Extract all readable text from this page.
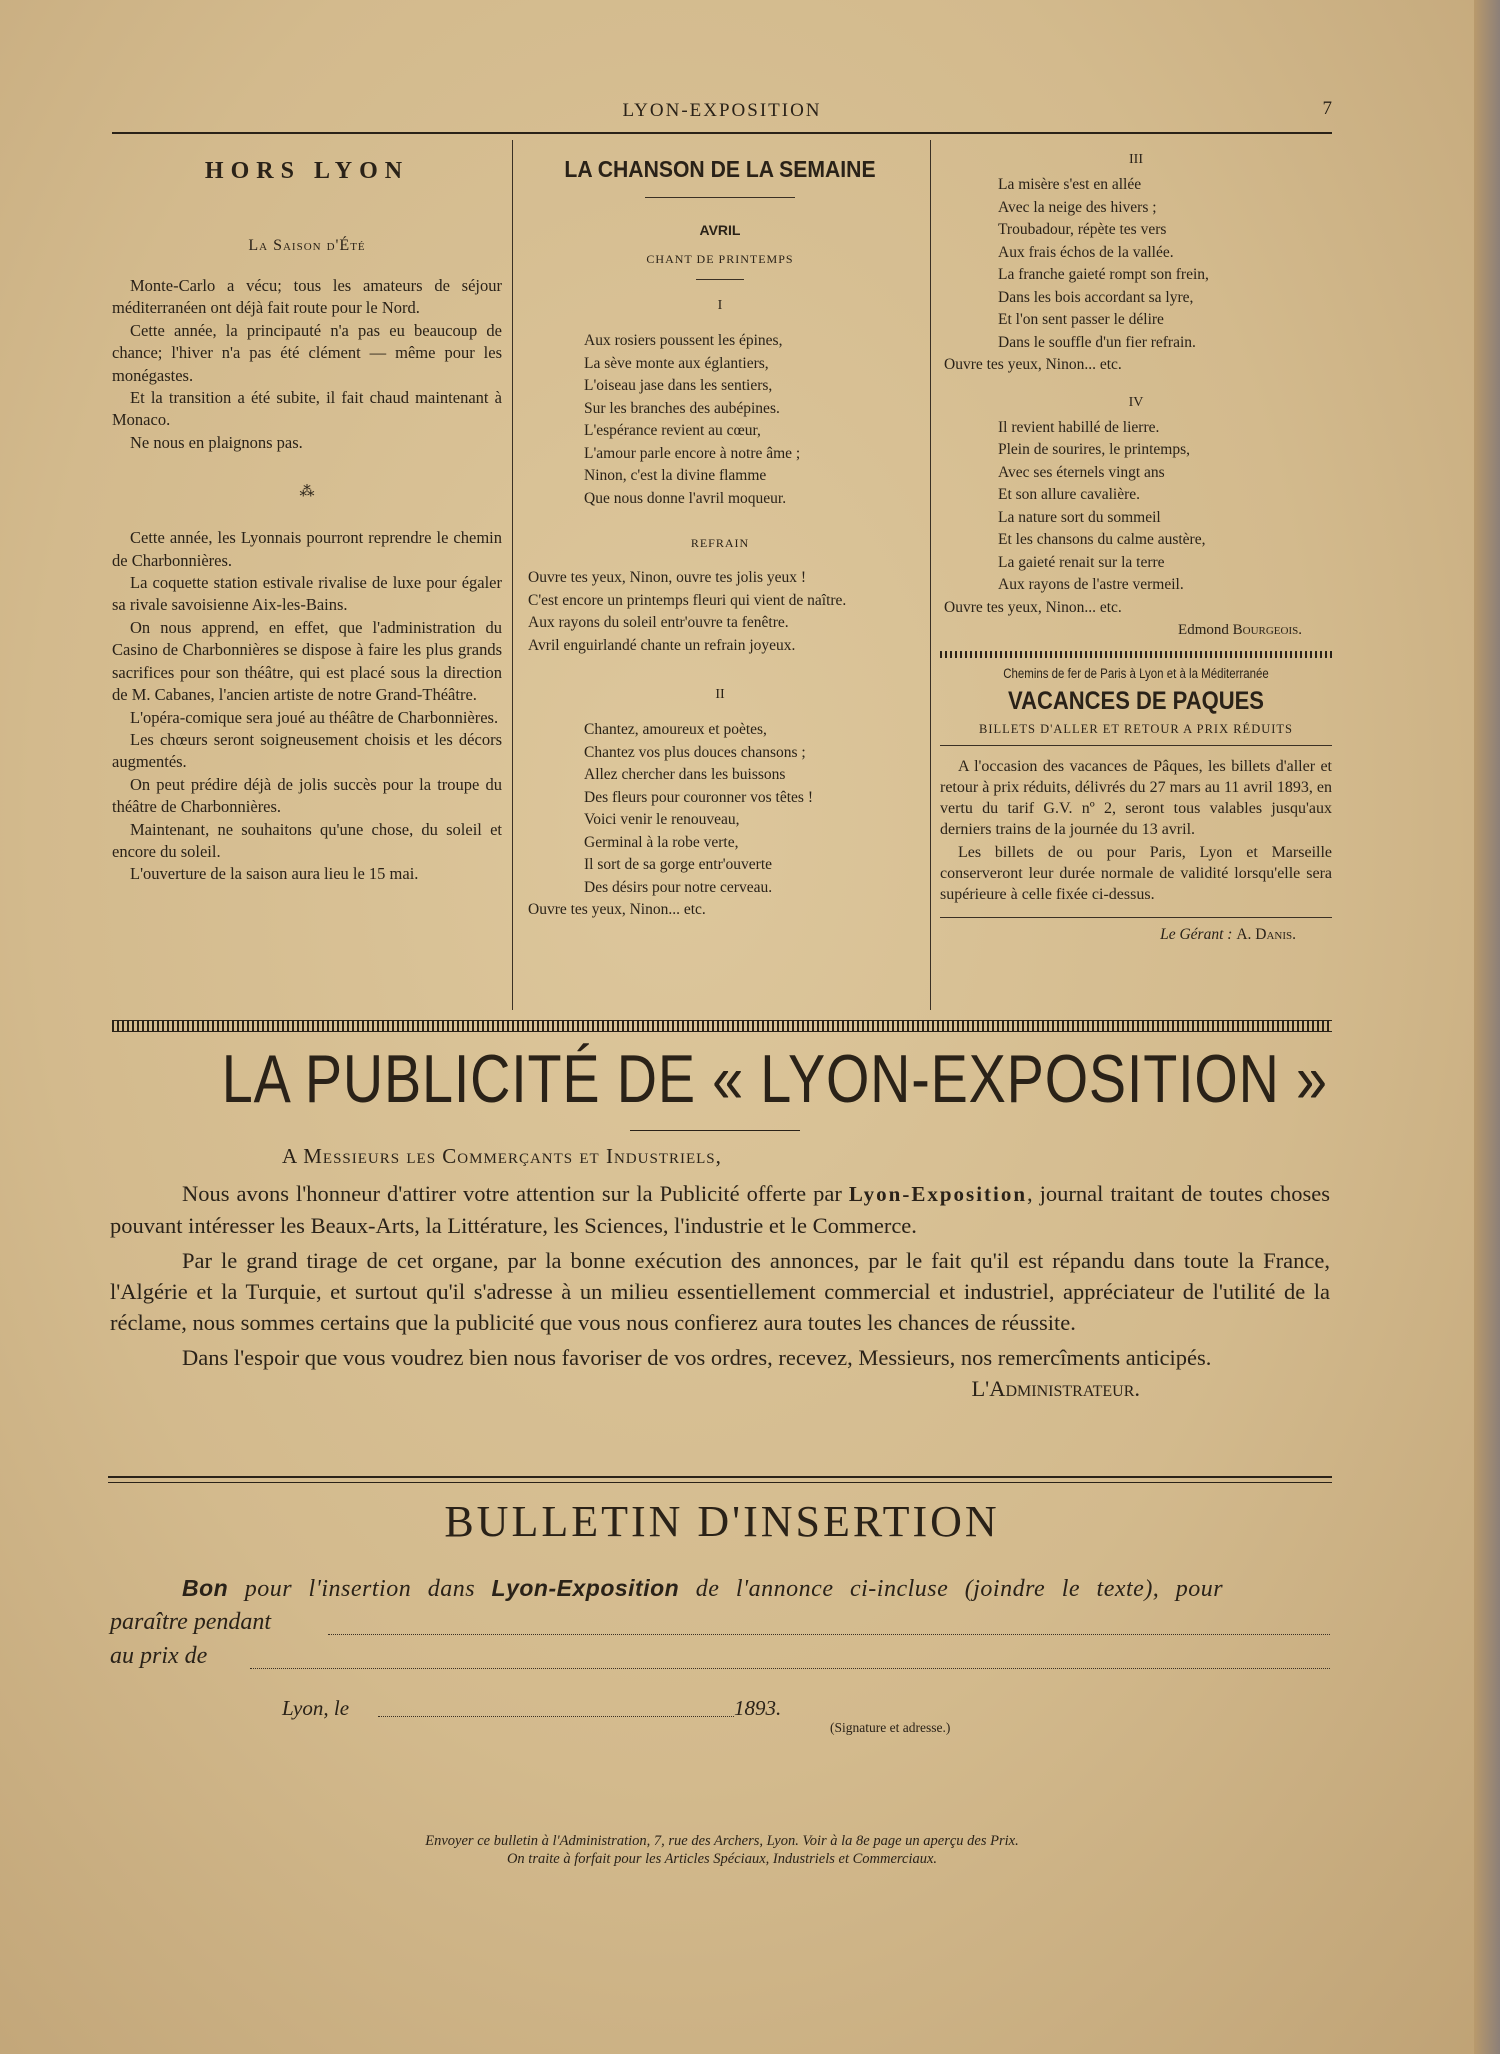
LYON-EXPOSITION	7
HORS LYON
La Saison d'Été

Monte-Carlo a vécu; tous les amateurs de séjour méditerranéen ont déjà fait route pour le Nord.

Cette année, la principauté n'a pas eu beaucoup de chance; l'hiver n'a pas été clément — même pour les monégastes.

Et la transition a été subite, il fait chaud maintenant à Monaco.

Ne nous en plaignons pas.

⁂

Cette année, les Lyonnais pourront reprendre le chemin de Charbonnières.

La coquette station estivale rivalise de luxe pour égaler sa rivale savoisienne Aix-les-Bains.

On nous apprend, en effet, que l'administration du Casino de Charbonnières se dispose à faire les plus grands sacrifices pour son théâtre, qui est placé sous la direction de M. Cabanes, l'ancien artiste de notre Grand-Théâtre.

L'opéra-comique sera joué au théâtre de Charbonnières.

Les chœurs seront soigneusement choisis et les décors augmentés.

On peut prédire déjà de jolis succès pour la troupe du théâtre de Charbonnières.

Maintenant, ne souhaitons qu'une chose, du soleil et encore du soleil.

L'ouverture de la saison aura lieu le 15 mai.

LA CHANSON DE LA SEMAINE
AVRIL
CHANT DE PRINTEMPS
I
Aux rosiers poussent les épines,
La sève monte aux églantiers,
L'oiseau jase dans les sentiers,
Sur les branches des aubépines.
L'espérance revient au cœur,
L'amour parle encore à notre âme ;
Ninon, c'est la divine flamme
Que nous donne l'avril moqueur.
REFRAIN
Ouvre tes yeux, Ninon, ouvre tes jolis yeux !
C'est encore un printemps fleuri qui vient de naître.
Aux rayons du soleil entr'ouvre ta fenêtre.
Avril enguirlandé chante un refrain joyeux.
II
Chantez, amoureux et poètes,
Chantez vos plus douces chansons ;
Allez chercher dans les buissons
Des fleurs pour couronner vos têtes !
Voici venir le renouveau,
Germinal à la robe verte,
Il sort de sa gorge entr'ouverte
Des désirs pour notre cerveau.
Ouvre tes yeux, Ninon... etc.
III
La misère s'est en allée
Avec la neige des hivers ;
Troubadour, répète tes vers
Aux frais échos de la vallée.
La franche gaieté rompt son frein,
Dans les bois accordant sa lyre,
Et l'on sent passer le délire
Dans le souffle d'un fier refrain.
Ouvre tes yeux, Ninon... etc.
IV
Il revient habillé de lierre.
Plein de sourires, le printemps,
Avec ses éternels vingt ans
Et son allure cavalière.
La nature sort du sommeil
Et les chansons du calme austère,
La gaieté renait sur la terre
Aux rayons de l'astre vermeil.
Ouvre tes yeux, Ninon... etc.
Edmond Bourgeois.
Chemins de fer de Paris à Lyon et à la Méditerranée
VACANCES DE PAQUES
BILLETS D'ALLER ET RETOUR A PRIX RÉDUITS

A l'occasion des vacances de Pâques, les billets d'aller et retour à prix réduits, délivrés du 27 mars au 11 avril 1893, en vertu du tarif G.V. nº 2, seront tous valables jusqu'aux derniers trains de la journée du 13 avril.

Les billets de ou pour Paris, Lyon et Marseille conserveront leur durée normale de validité lorsqu'elle sera supérieure à celle fixée ci-dessus.

Le Gérant : A. Danis.
LA PUBLICITÉ DE « LYON-EXPOSITION »
A Messieurs les Commerçants et Industriels,

Nous avons l'honneur d'attirer votre attention sur la Publicité offerte par Lyon-Exposition, journal traitant de toutes choses pouvant intéresser les Beaux-Arts, la Littérature, les Sciences, l'industrie et le Commerce.

Par le grand tirage de cet organe, par la bonne exécution des annonces, par le fait qu'il est répandu dans toute la France, l'Algérie et la Turquie, et surtout qu'il s'adresse à un milieu essentiellement commercial et industriel, appréciateur de l'utilité de la réclame, nous sommes certains que la publicité que vous nous confierez aura toutes les chances de réussite.

Dans l'espoir que vous voudrez bien nous favoriser de vos ordres, recevez, Messieurs, nos remercîments anticipés.
L'Administrateur.

BULLETIN D'INSERTION
Bon pour l'insertion dans Lyon-Exposition de l'annonce ci-incluse (joindre le texte), pour
paraître pendant
au prix de
Lyon, le	1893.
(Signature et adresse.)
Envoyer ce bulletin à l'Administration, 7, rue des Archers, Lyon. Voir à la 8e page un aperçu des Prix.
On traite à forfait pour les Articles Spéciaux, Industriels et Commerciaux.
